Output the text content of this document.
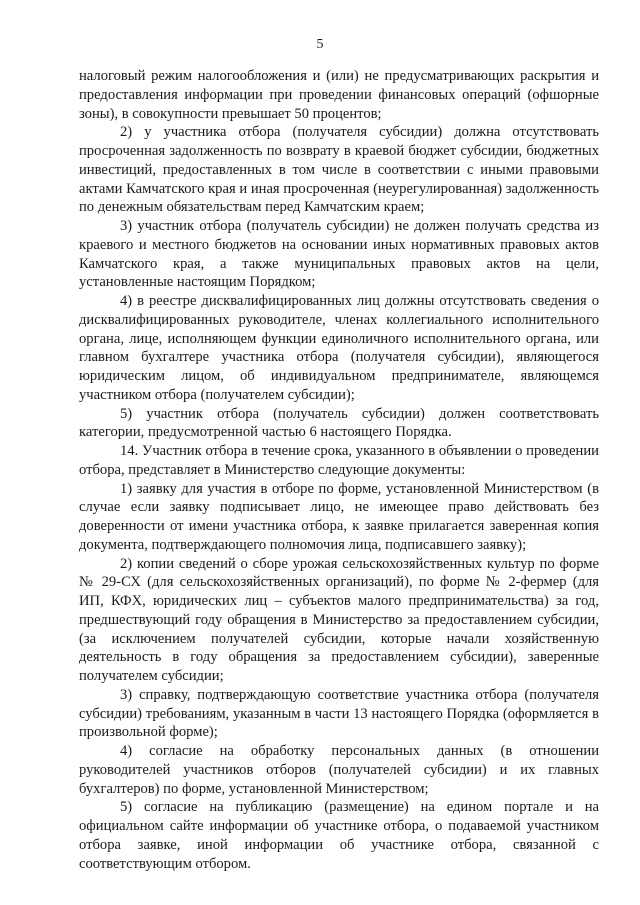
5

налоговый режим налогообложения и (или) не предусматривающих раскрытия и предоставления информации при проведении финансовых операций (офшорные зоны), в совокупности превышает 50 процентов;

2) у участника отбора (получателя субсидии) должна отсутствовать просроченная задолженность по возврату в краевой бюджет субсидии, бюджетных инвестиций, предоставленных в том числе в соответствии с иными правовыми актами Камчатского края и иная просроченная (неурегулированная) задолженность по денежным обязательствам перед Камчатским краем;

3) участник отбора (получатель субсидии) не должен получать средства из краевого и местного бюджетов на основании иных нормативных правовых актов Камчатского края, а также муниципальных правовых актов на цели, установленные настоящим Порядком;

4) в реестре дисквалифицированных лиц должны отсутствовать сведения о дисквалифицированных руководителе, членах коллегиального исполнительного органа, лице, исполняющем функции единоличного исполнительного органа, или главном бухгалтере участника отбора (получателя субсидии), являющегося юридическим лицом, об индивидуальном предпринимателе, являющемся участником отбора (получателем субсидии);

5) участник отбора (получатель субсидии) должен соответствовать категории, предусмотренной частью 6 настоящего Порядка.

14. Участник отбора в течение срока, указанного в объявлении о проведении отбора, представляет в Министерство следующие документы:

1) заявку для участия в отборе по форме, установленной Министерством (в случае если заявку подписывает лицо, не имеющее право действовать без доверенности от имени участника отбора, к заявке прилагается заверенная копия документа, подтверждающего полномочия лица, подписавшего заявку);

2) копии сведений о сборе урожая сельскохозяйственных культур по форме № 29-СХ (для сельскохозяйственных организаций), по форме № 2-фермер (для ИП, КФХ, юридических лиц – субъектов малого предпринимательства) за год, предшествующий году обращения в Министерство за предоставлением субсидии, (за исключением получателей субсидии, которые начали хозяйственную деятельность в году обращения за предоставлением субсидии), заверенные получателем субсидии;

3) справку, подтверждающую соответствие участника отбора (получателя субсидии) требованиям, указанным в части 13 настоящего Порядка (оформляется в произвольной форме);

4) согласие на обработку персональных данных (в отношении руководителей участников отборов (получателей субсидии) и их главных бухгалтеров) по форме, установленной Министерством;

5) согласие на публикацию (размещение) на едином портале и на официальном сайте информации об участнике отбора, о подаваемой участником отбора заявке, иной информации об участнике отбора, связанной с соответствующим отбором.
